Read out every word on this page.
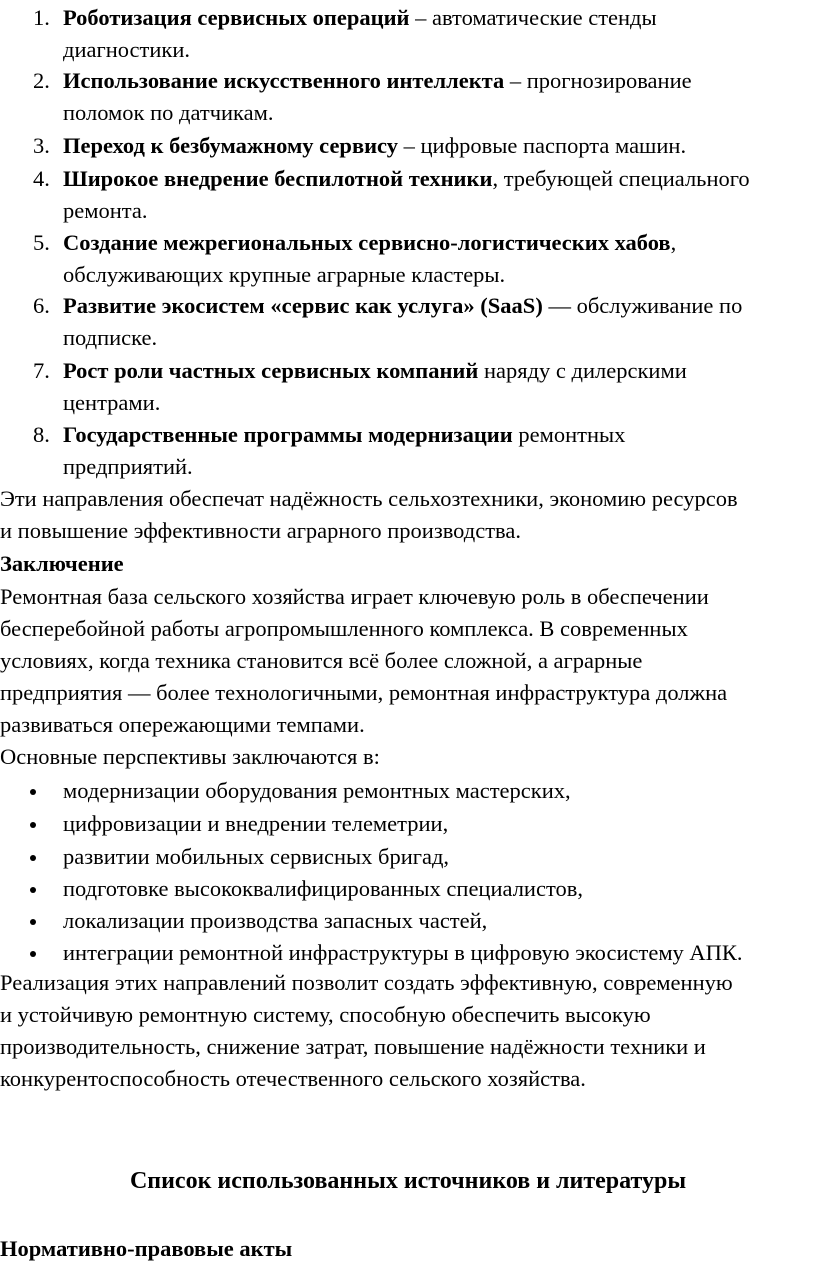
1. Роботизация сервисных операций – автоматические стенды
диагностики.
2. Использование искусственного интеллекта – прогнозирование
поломок по датчикам.
3. Переход к безбумажному сервису – цифровые паспорта машин.
4. Широкое внедрение беспилотной техники, требующей специального
ремонта.
5. Создание межрегиональных сервисно-логистических хабов,
обслуживающих крупные аграрные кластеры.
6. Развитие экосистем «сервис как услуга» (SaaS) — обслуживание по
подписке.
7. Рост роли частных сервисных компаний наряду с дилерскими
центрами.
8. Государственные программы модернизации ремонтных
предприятий.
Эти направления обеспечат надёжность сельхозтехники, экономию ресурсов
и повышение эффективности аграрного производства.
Заключение
Ремонтная база сельского хозяйства играет ключевую роль в обеспечении
бесперебойной работы агропромышленного комплекса. В современных
условиях, когда техника становится всё более сложной, а аграрные
предприятия — более технологичными, ремонтная инфраструктура должна
развиваться опережающими темпами.
Основные перспективы заключаются в:
модернизации оборудования ремонтных мастерских,
цифровизации и внедрении телеметрии,
развитии мобильных сервисных бригад,
подготовке высококвалифицированных специалистов,
локализации производства запасных частей,
интеграции ремонтной инфраструктуры в цифровую экосистему АПК.
Реализация этих направлений позволит создать эффективную, современную
и устойчивую ремонтную систему, способную обеспечить высокую
производительность, снижение затрат, повышение надёжности техники и
конкурентоспособность отечественного сельского хозяйства.
Список использованных источников и литературы
Нормативно-правовые акты
